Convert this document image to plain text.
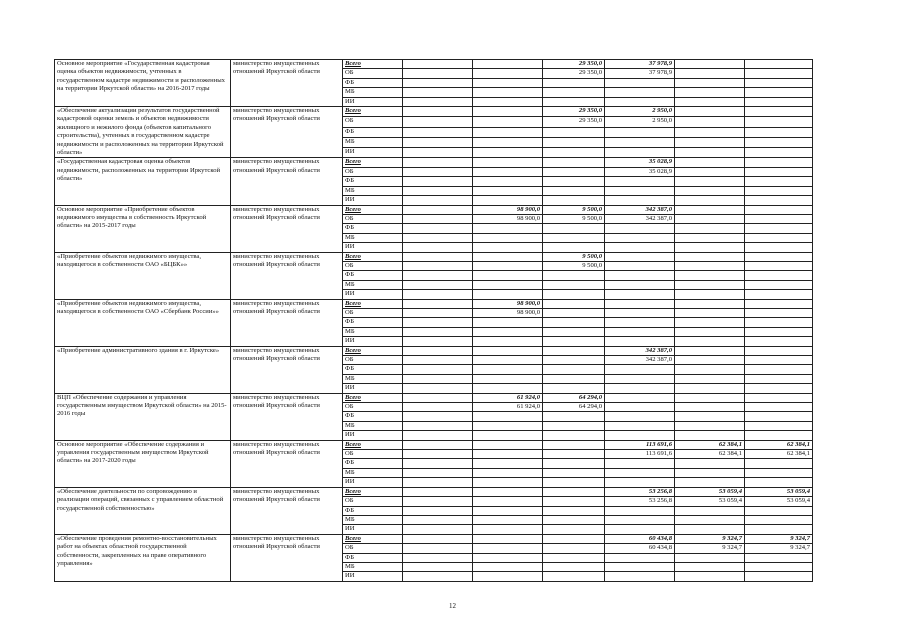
Основное мероприятие «Государственная кадастровая оценка объектов недвижимости, учтенных в государственном кадастре недвижимости и расположенных на территории Иркутской области» на 2016-2017 годы	министерство имущественных отношений Иркутской области	Всего			29 350,0	37 978,9			
		ОБ			29 350,0	37 978,9			
		ФБ							
		МБ							
		ИИ							
«Обеспечение актуализации результатов государственной кадастровой оценки земель и объектов недвижимости жилищного и нежилого фонда (объектов капитального строительства), учтенных в государственном кадастре недвижимости и расположенных на территории Иркутской области»	министерство имущественных отношений Иркутской области	Всего			29 350,0	2 950,0			
		ОБ			29 350,0	2 950,0			
		ФБ							
		МБ							
		ИИ							
«Государственная кадастровая оценка объектов недвижимости, расположенных на территории Иркутской области»	министерство имущественных отношений Иркутской области	Всего				35 028,9			
		ОБ				35 028,9			
		ФБ							
		МБ							
		ИИ							
Основное мероприятие «Приобретение объектов недвижимого имущества в собственность Иркутской области» на 2015-2017 годы	министерство имущественных отношений Иркутской области	Всего		98 900,0	9 500,0	342 387,0			
		ОБ		98 900,0	9 500,0	342 387,0			
		ФБ							
		МБ							
		ИИ							
«Приобретение объектов недвижимого имущества, находящегося в собственности ОАО «БЦБК»»	министерство имущественных отношений Иркутской области	Всего			9 500,0				
		ОБ			9 500,0				
		ФБ							
		МБ							
		ИИ							
«Приобретение объектов недвижимого имущества, находящегося в собственности ОАО «Сбербанк России»»	министерство имущественных отношений Иркутской области	Всего		98 900,0					
		ОБ		98 900,0					
		ФБ							
		МБ							
		ИИ							
«Приобретение административного здания в г. Иркутске»	министерство имущественных отношений Иркутской области	Всего				342 387,0			
		ОБ				342 387,0			
		ФБ							
		МБ							
		ИИ							
ВЦП «Обеспечение содержания и управления государственным имуществом Иркутской области» на 2015-2016 годы	министерство имущественных отношений Иркутской области	Всего		61 924,0	64 294,0				
		ОБ		61 924,0	64 294,0				
		ФБ							
		МБ							
		ИИ							
Основное мероприятие «Обеспечение содержания и управления государственным имуществом Иркутской области» на 2017-2020 годы	министерство имущественных отношений Иркутской области	Всего				113 691,6	62 384,1	62 384,1	
		ОБ				113 691,6	62 384,1	62 384,1	
		ФБ							
		МБ							
		ИИ							
«Обеспечение деятельности по сопровождению и реализации операций, связанных с управлением областной государственной собственностью»	министерство имущественных отношений Иркутской области	Всего				53 256,8	53 059,4	53 059,4	
		ОБ				53 256,8	53 059,4	53 059,4	
		ФБ							
		МБ							
		ИИ							
«Обеспечение проведения ремонтно-восстановительных работ на объектах областной государственной собственности, закрепленных на праве оперативного управления»	министерство имущественных отношений Иркутской области	Всего				60 434,8	9 324,7	9 324,7	
		ОБ				60 434,8	9 324,7	9 324,7	
		ФБ							
		МБ							
		ИИ							
12
